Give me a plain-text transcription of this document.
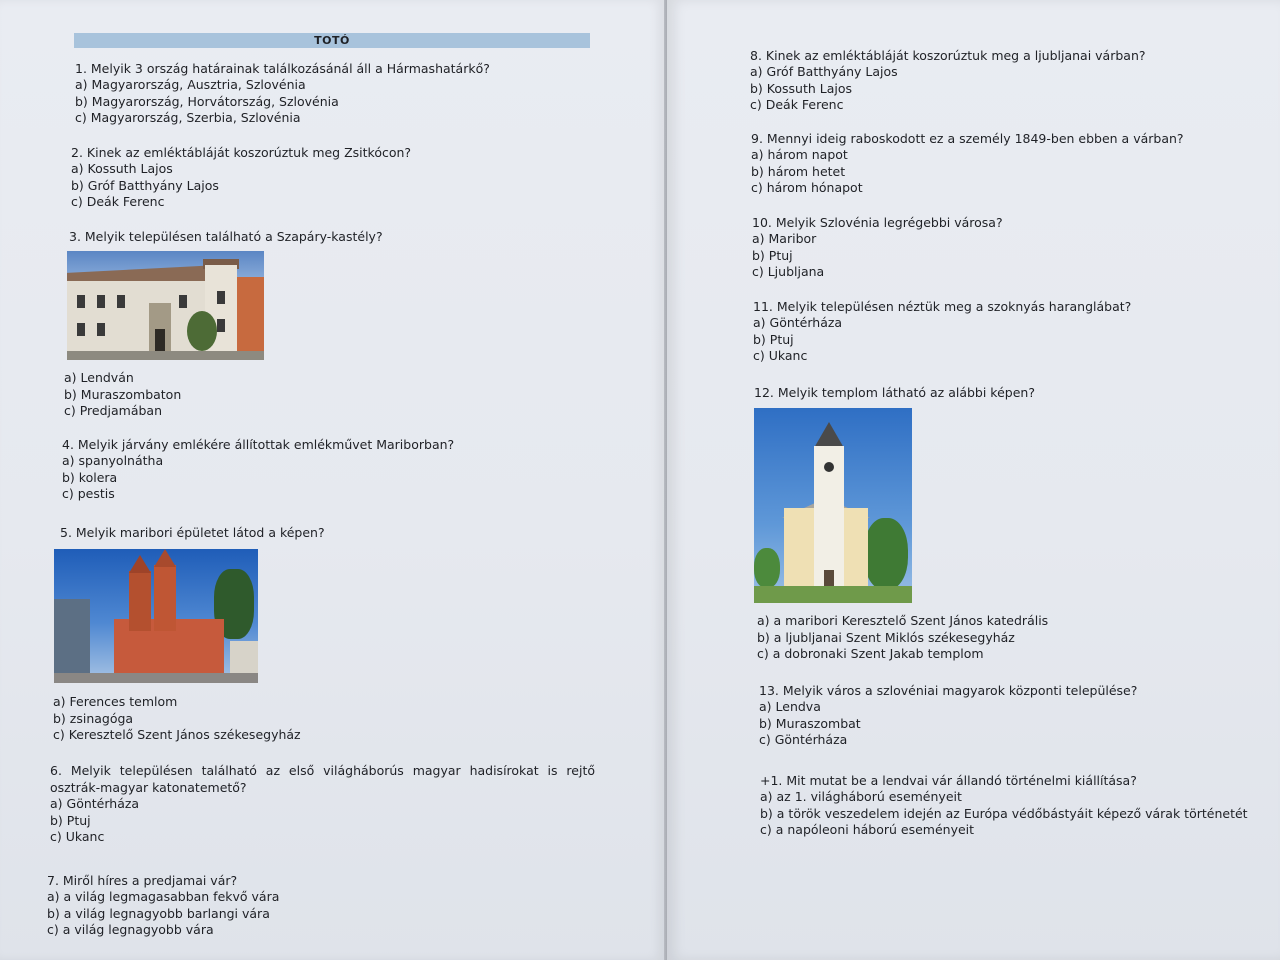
TOTÓ
1. Melyik 3 ország határainak találkozásánál áll a Hármashatárkő?
a) Magyarország, Ausztria, Szlovénia
b) Magyarország, Horvátország, Szlovénia
c) Magyarország, Szerbia, Szlovénia
2. Kinek az emléktábláját koszorúztuk meg Zsitkócon?
a) Kossuth Lajos
b) Gróf Batthyány Lajos
c) Deák Ferenc
3. Melyik településen található a Szapáry-kastély?
a) Lendván
b) Muraszombaton
c) Predjamában
4. Melyik járvány emlékére állítottak emlékművet Mariborban?
a) spanyolnátha
b) kolera
c) pestis
5. Melyik maribori épületet látod a képen?
a) Ferences temlom
b) zsinagóga
c) Keresztelő Szent János székesegyház
6. Melyik településen található az első világháborús magyar hadisírokat is rejtő osztrák-magyar katonatemető?
a) Göntérháza
b) Ptuj
c) Ukanc
7. Miről híres a predjamai vár?
a) a világ legmagasabban fekvő vára
b) a világ legnagyobb barlangi vára
c) a világ legnagyobb vára
8. Kinek az emléktábláját koszorúztuk meg a ljubljanai várban?
a) Gróf Batthyány Lajos
b) Kossuth Lajos
c) Deák Ferenc
9. Mennyi ideig raboskodott ez a személy 1849-ben ebben a várban?
a) három napot
b) három hetet
c) három hónapot
10. Melyik Szlovénia legrégebbi városa?
a) Maribor
b) Ptuj
c) Ljubljana
11. Melyik településen néztük meg a szoknyás haranglábat?
a) Göntérháza
b) Ptuj
c) Ukanc
12. Melyik templom látható az alábbi képen?
a) a maribori Keresztelő Szent János katedrális
b) a ljubljanai Szent Miklós székesegyház
c) a dobronaki Szent Jakab templom
13. Melyik város a szlovéniai magyarok központi települése?
a) Lendva
b) Muraszombat
c) Göntérháza
+1. Mit mutat be a lendvai vár állandó történelmi kiállítása?
a) az 1. világháború eseményeit
b) a török veszedelem idején az Európa védőbástyáit képező várak történetét
c) a napóleoni háború eseményeit
